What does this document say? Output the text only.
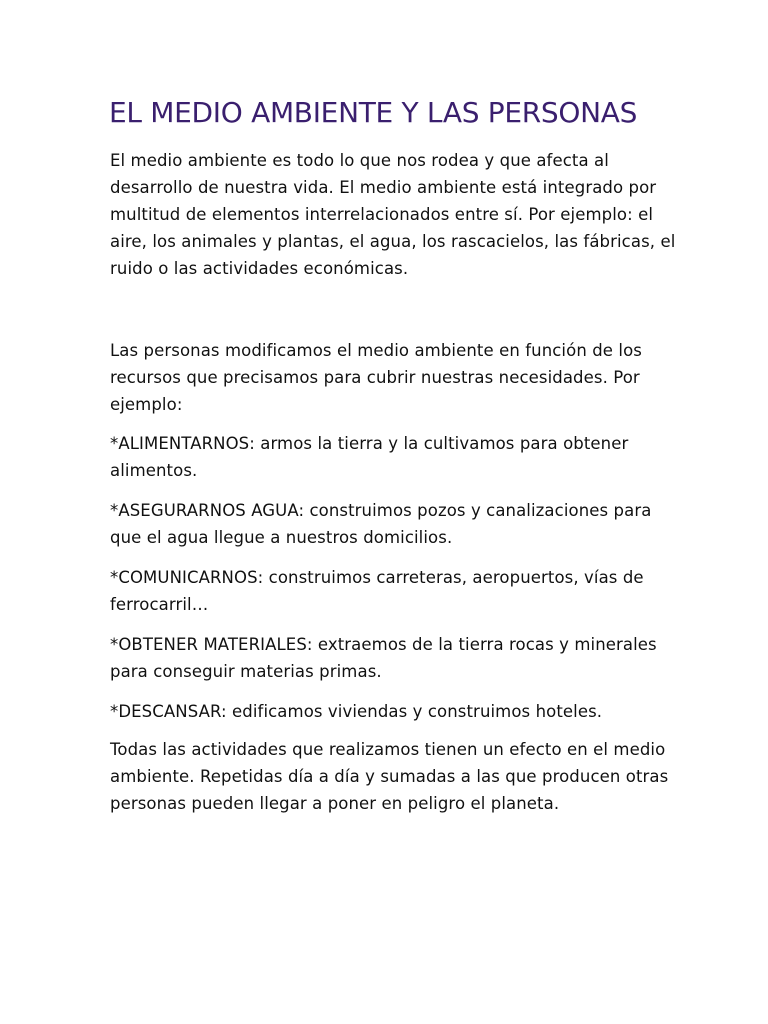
EL MEDIO AMBIENTE Y LAS PERSONAS

El medio ambiente es todo lo que nos rodea y que afecta al desarrollo de nuestra vida. El medio ambiente está integrado por multitud de elementos interrelacionados entre sí. Por ejemplo: el aire, los animales y plantas, el agua, los rascacielos, las fábricas, el ruido o las actividades económicas.

Las personas modificamos el medio ambiente en función de los recursos que precisamos para cubrir nuestras necesidades. Por ejemplo:

*ALIMENTARNOS: armos la tierra y la cultivamos para obtener alimentos.

*ASEGURARNOS AGUA: construimos pozos y canalizaciones para que el agua llegue a nuestros domicilios.

*COMUNICARNOS: construimos carreteras, aeropuertos, vías de ferrocarril…

*OBTENER MATERIALES: extraemos de la tierra rocas y minerales para conseguir materias primas.

*DESCANSAR: edificamos viviendas y construimos hoteles.

Todas las actividades que realizamos tienen un efecto en el medio ambiente. Repetidas día a día y sumadas a las que producen otras personas pueden llegar a poner en peligro el planeta.
